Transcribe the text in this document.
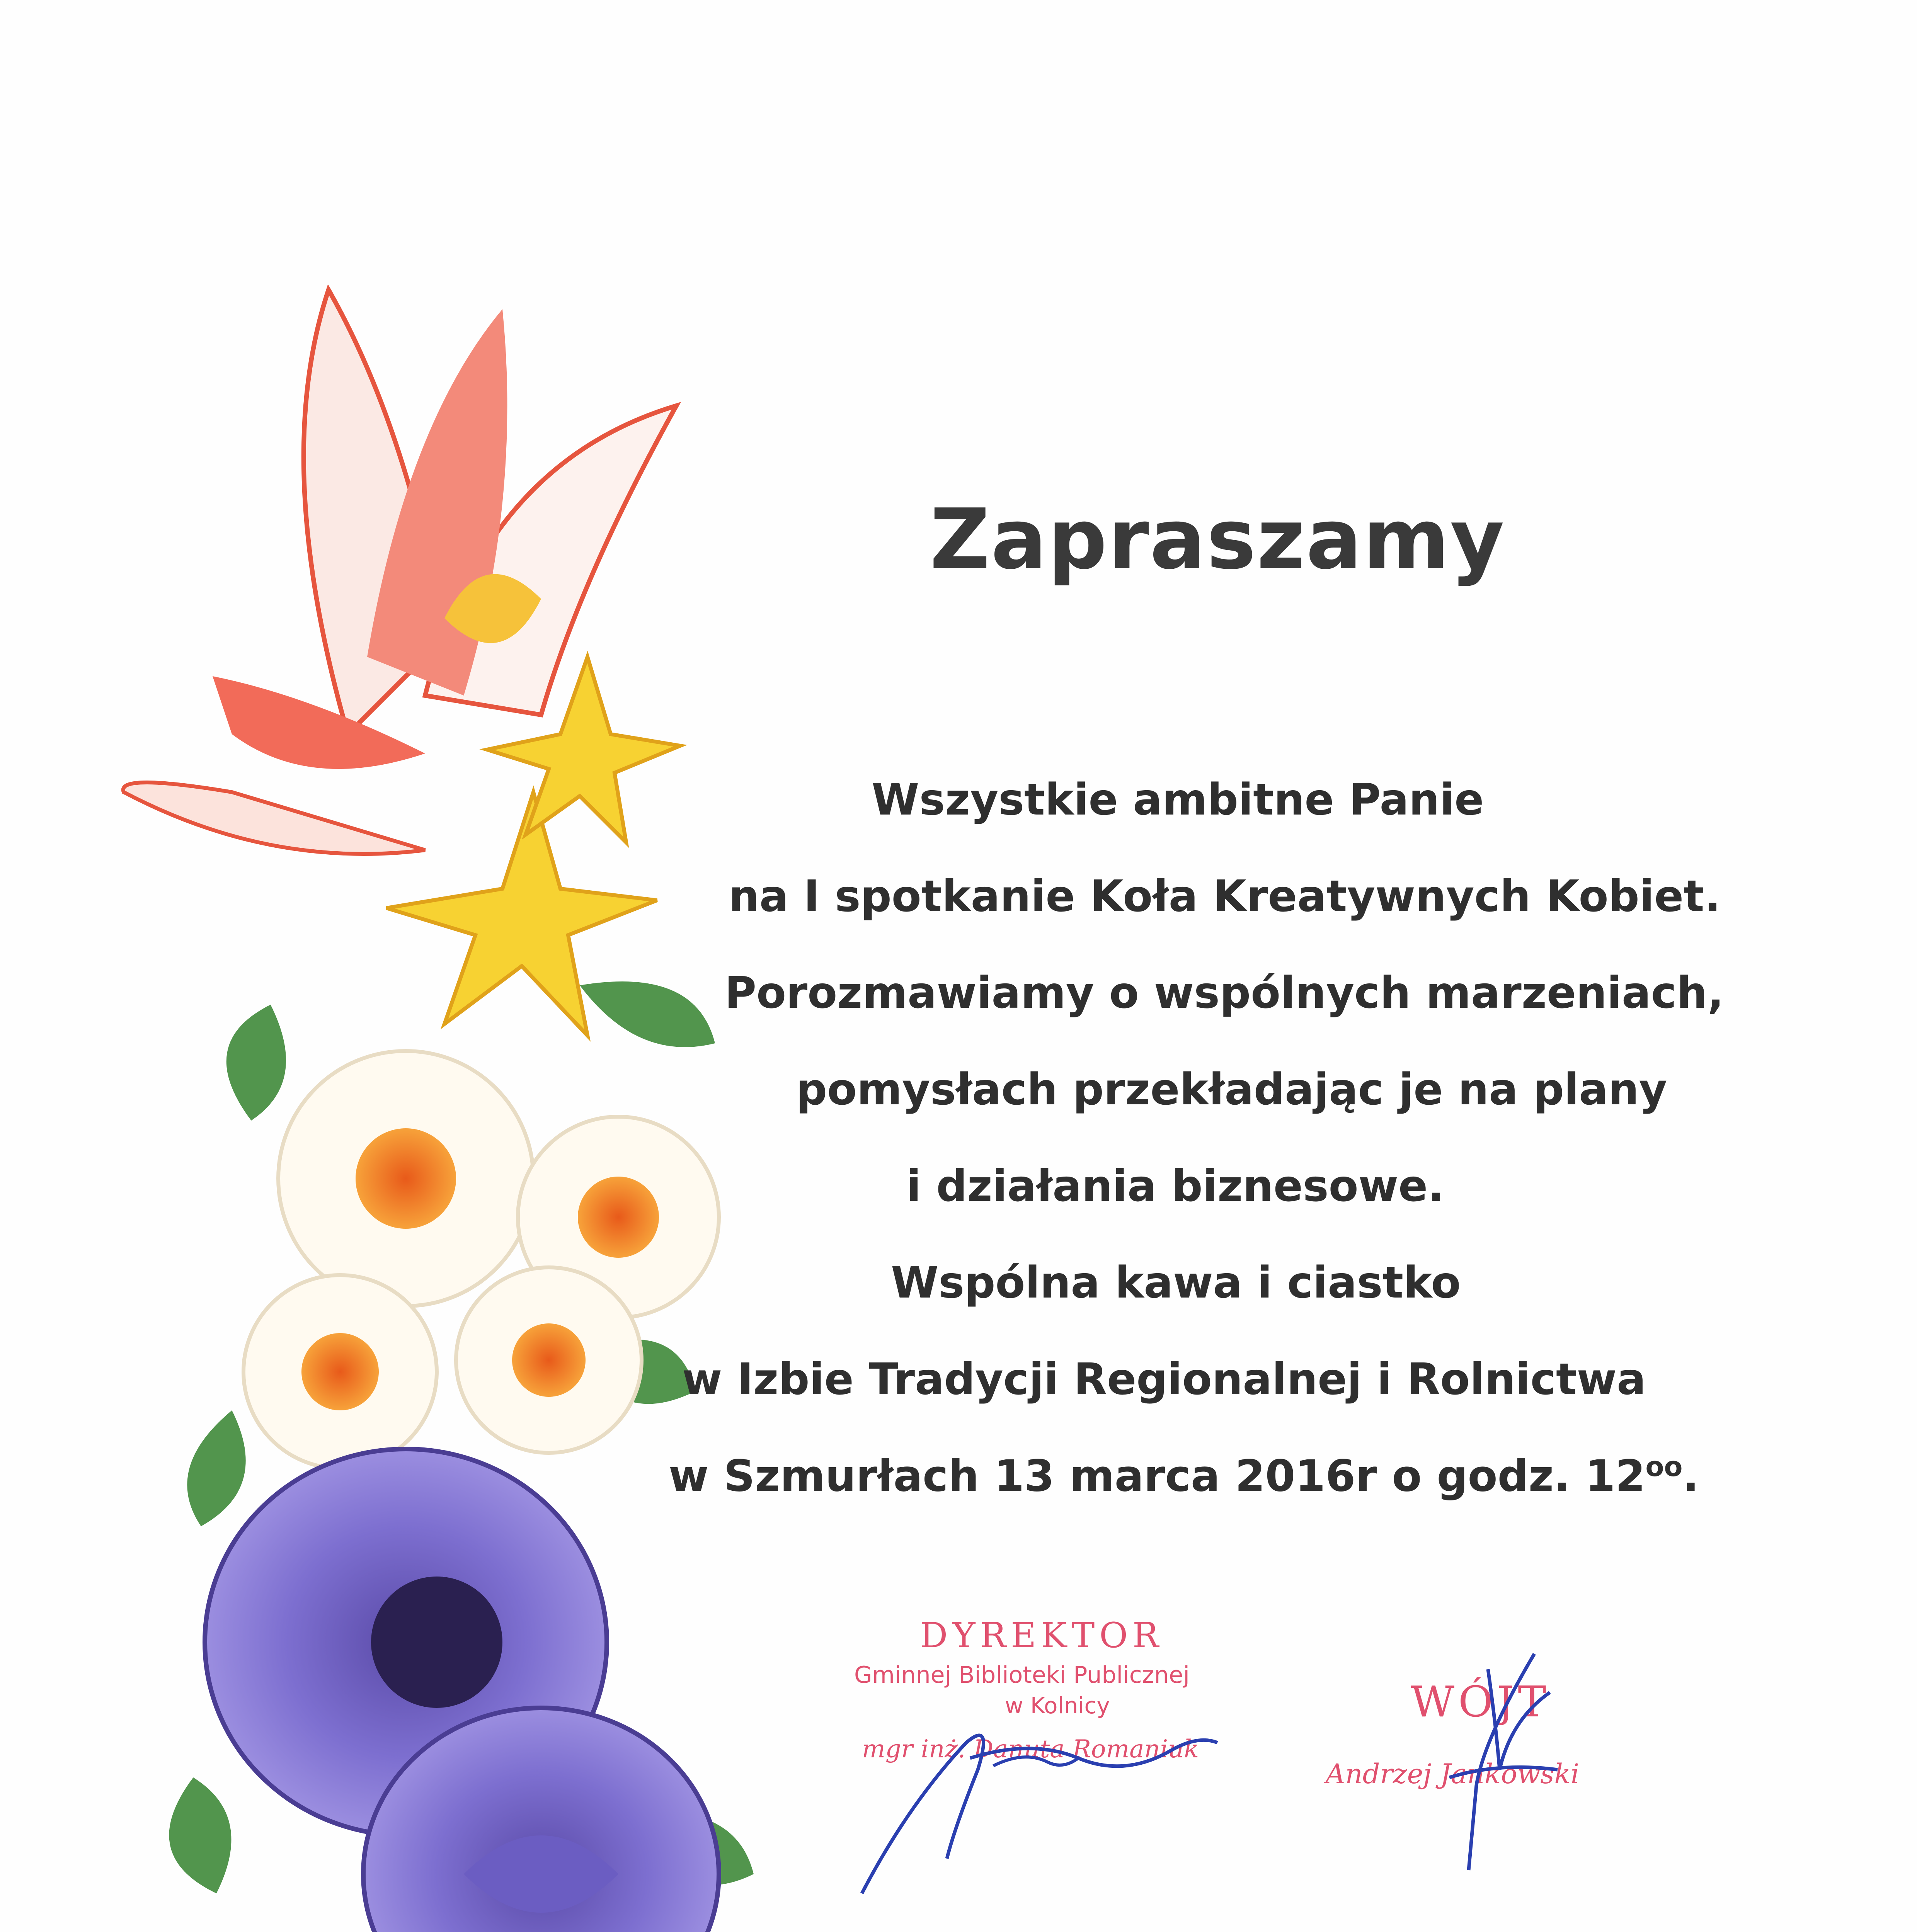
Zapraszamy
Wszystkie ambitne Panie
na I spotkanie Koła Kreatywnych Kobiet.
Porozmawiamy o wspólnych marzeniach,
pomysłach przekładając je na plany
i działania biznesowe.
Wspólna kawa i ciastko
w Izbie Tradycji Regionalnej i Rolnictwa
w Szmurłach 13 marca 2016r o godz. $12^{oo}$.
DYREKTOR
Gminnej Biblioteki Publicznej
w Kolnicy
mgr inż. Danuta Romaniuk
WÓJT
Andrzej Jankowski
